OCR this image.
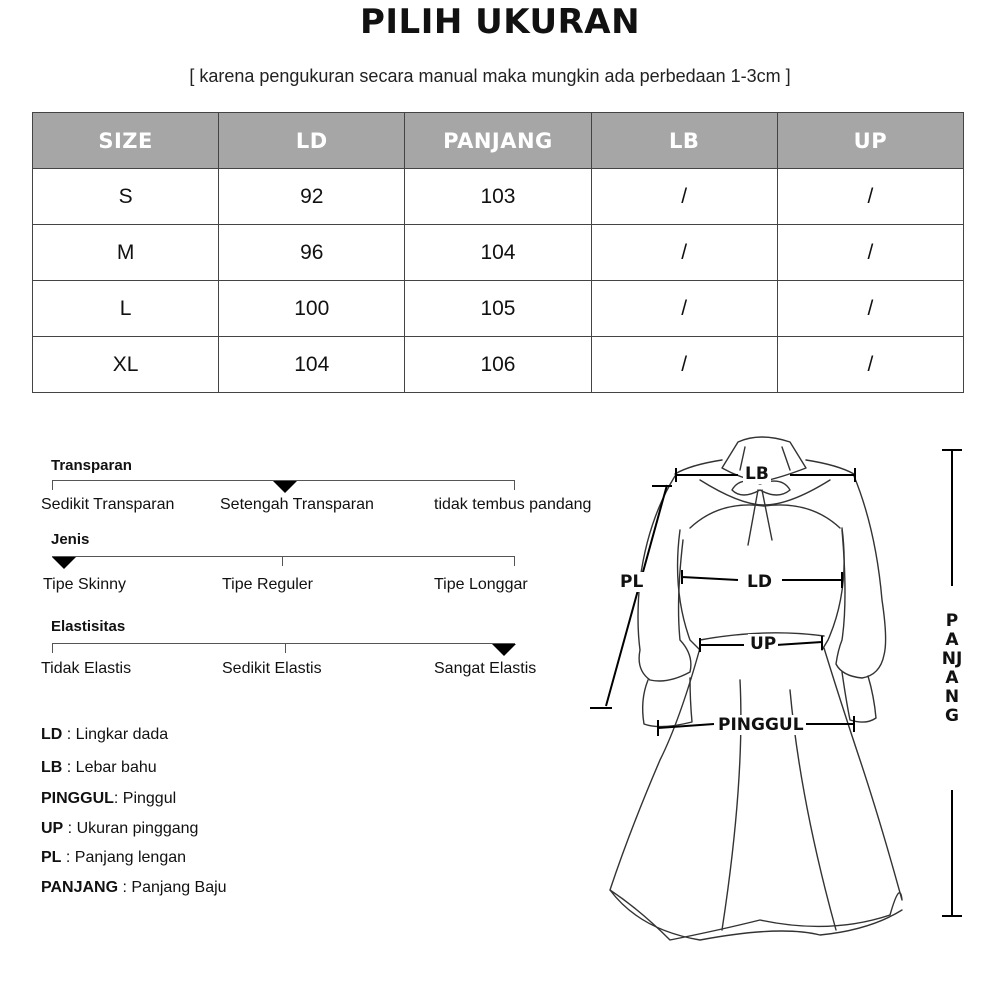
PILIH UKURAN
[ karena pengukuran secara manual maka mungkin ada perbedaan 1-3cm ]
SIZE	LD	PANJANG	LB	UP
S	92	103	/	/
M	96	104	/	/
L	100	105	/	/
XL	104	106	/	/
Transparan
Sedikit Transparan	Setengah Transparan	tidak tembus pandang
Jenis
Tipe Skinny	Tipe Reguler	Tipe Longgar
Elastisitas
Tidak Elastis	Sedikit Elastis	Sangat Elastis
LD : Lingkar dada
LB : Lebar bahu
PINGGUL: Pinggul
UP : Ukuran pinggang
PL : Panjang lengan
PANJANG : Panjang Baju
LB
PL	LD
UP
PINGGUL
PANJANG
